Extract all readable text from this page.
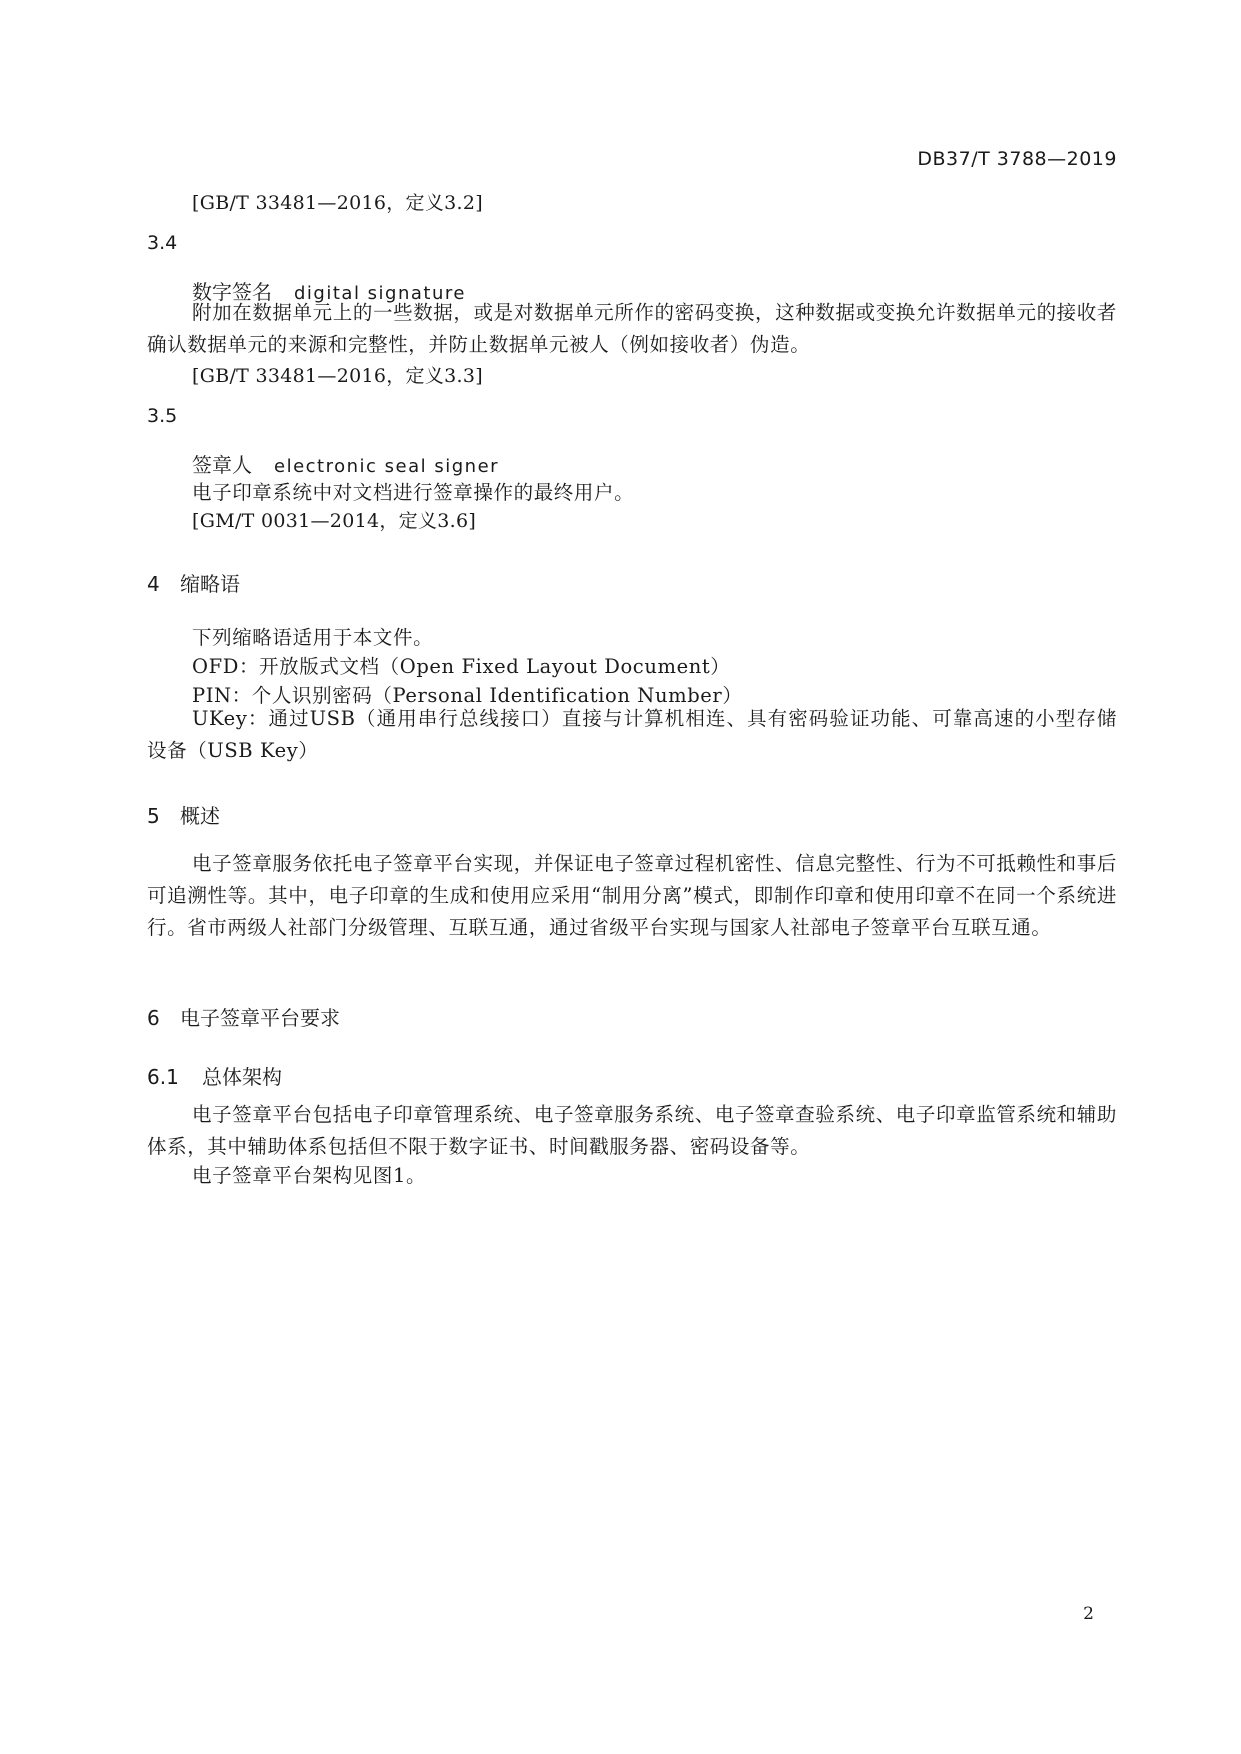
DB37/T 3788—2019
[GB/T 33481—2016，定义3.2]
3.4
数字签名 digital signature
附加在数据单元上的一些数据，或是对数据单元所作的密码变换，这种数据或变换允许数据单元的接收者确认数据单元的来源和完整性，并防止数据单元被人（例如接收者）伪造。
[GB/T 33481—2016，定义3.3]
3.5
签章人 electronic seal signer
电子印章系统中对文档进行签章操作的最终用户。
[GM/T 0031—2014，定义3.6]
4 缩略语
下列缩略语适用于本文件。
OFD：开放版式文档（Open Fixed Layout Document）
PIN：个人识别密码（Personal Identification Number）
UKey：通过USB（通用串行总线接口）直接与计算机相连、具有密码验证功能、可靠高速的小型存储设备（USB Key）
5 概述
电子签章服务依托电子签章平台实现，并保证电子签章过程机密性、信息完整性、行为不可抵赖性和事后可追溯性等。其中，电子印章的生成和使用应采用“制用分离”模式，即制作印章和使用印章不在同一个系统进行。省市两级人社部门分级管理、互联互通，通过省级平台实现与国家人社部电子签章平台互联互通。
6 电子签章平台要求
6.1 总体架构
电子签章平台包括电子印章管理系统、电子签章服务系统、电子签章查验系统、电子印章监管系统和辅助体系，其中辅助体系包括但不限于数字证书、时间戳服务器、密码设备等。
电子签章平台架构见图1。
2
